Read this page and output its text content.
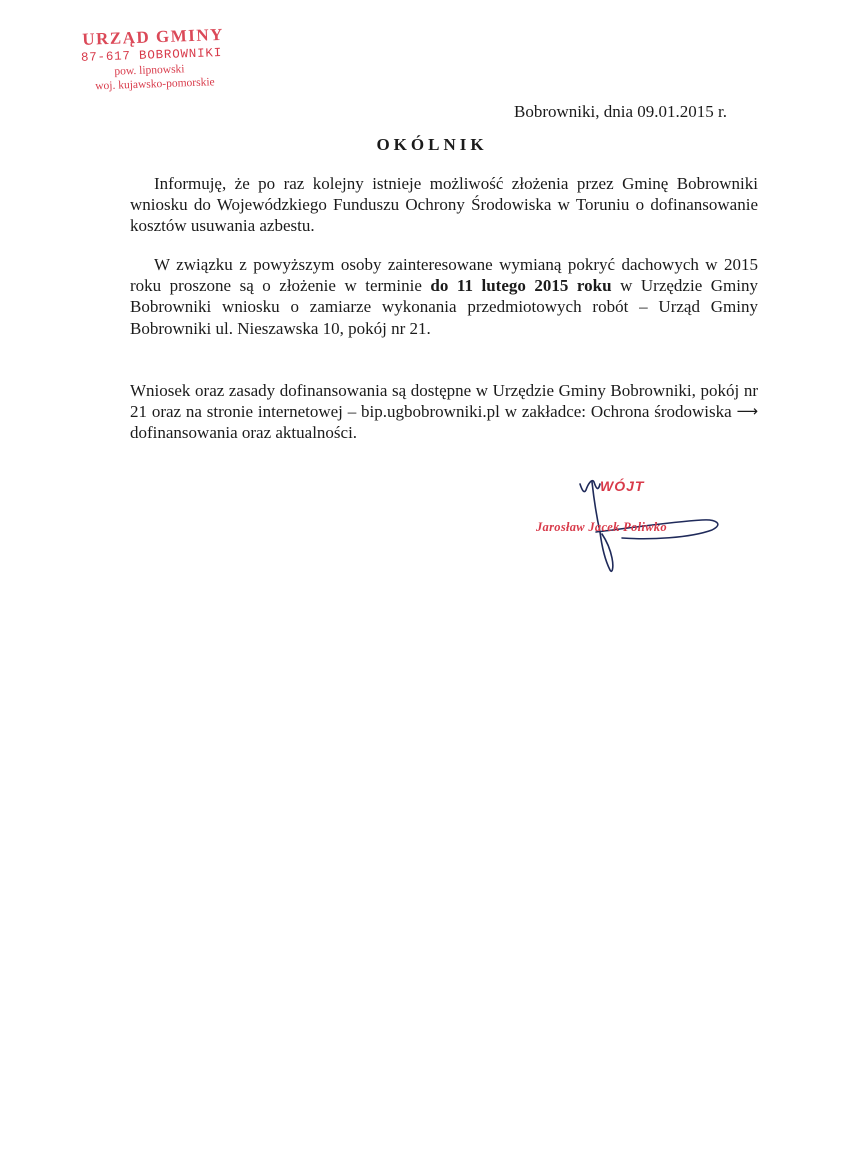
URZĄD GMINY
87-617 BOBROWNIKI
pow. lipnowski
woj. kujawsko-pomorskie
Bobrowniki, dnia 09.01.2015 r.
OKÓLNIK
Informuję, że po raz kolejny istnieje możliwość złożenia przez Gminę Bobrowniki wniosku do Wojewódzkiego Funduszu Ochrony Środowiska w Toruniu o dofinansowanie kosztów usuwania azbestu.
W związku z powyższym osoby zainteresowane wymianą pokryć dachowych w 2015 roku proszone są o złożenie w terminie do 11 lutego 2015 roku w Urzędzie Gminy Bobrowniki wniosku o zamiarze wykonania przedmiotowych robót – Urząd Gminy Bobrowniki ul. Nieszawska 10, pokój nr 21.
Wniosek oraz zasady dofinansowania są dostępne w Urzędzie Gminy Bobrowniki, pokój nr 21 oraz na stronie internetowej – bip.ugbobrowniki.pl w zakładce: Ochrona środowiska ⟶ dofinansowania oraz aktualności.
WÓJT
Jarosław Jacek Poliwko
